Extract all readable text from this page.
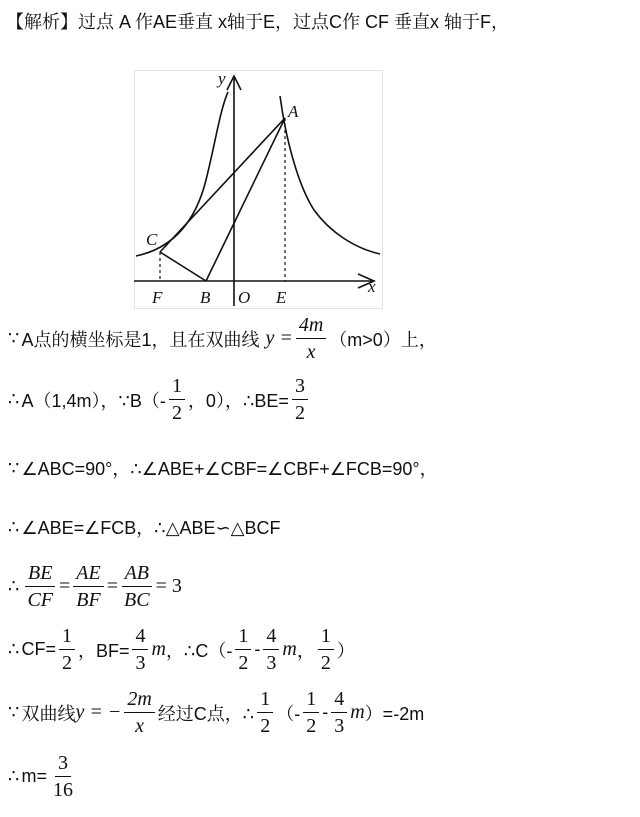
【解析】过点 A 作AE垂直 x轴于E，过点C作 CF 垂直x 轴于F，
y
x
A
C
F B O E
∵ A点的横坐标是1，且在双曲线 $y = \frac{4m}{x} (m>0)$上，
∴ A（1,4m），∵B（- $\frac{1}{2}$ ，0），∴BE= $\frac{3}{2}$
∵ ∠ABC=90°，∴∠ABE+∠CBF=∠CBF+∠FCB=90°，
∴ ∠ABE=∠FCB，∴△ABE∽△BCF
∴ $\frac{BE}{CF} = \frac{AE}{BF} = \frac{AB}{BC} = 3$
∴ $CF= \frac{1}{2}$ ，$BF= \frac{4}{3}$ m ，∴C（- $\frac{1}{2} - \frac{4}{3}$ m ， $\frac{1}{2}$ ）
∵ 双曲线 y = − $\frac{2m}{x}$ 经过C点，∴ $\frac{1}{2}$ （- $\frac{1}{2} - \frac{4}{3}$ m ）=-2m
∴ $m= \frac{3}{16}$
